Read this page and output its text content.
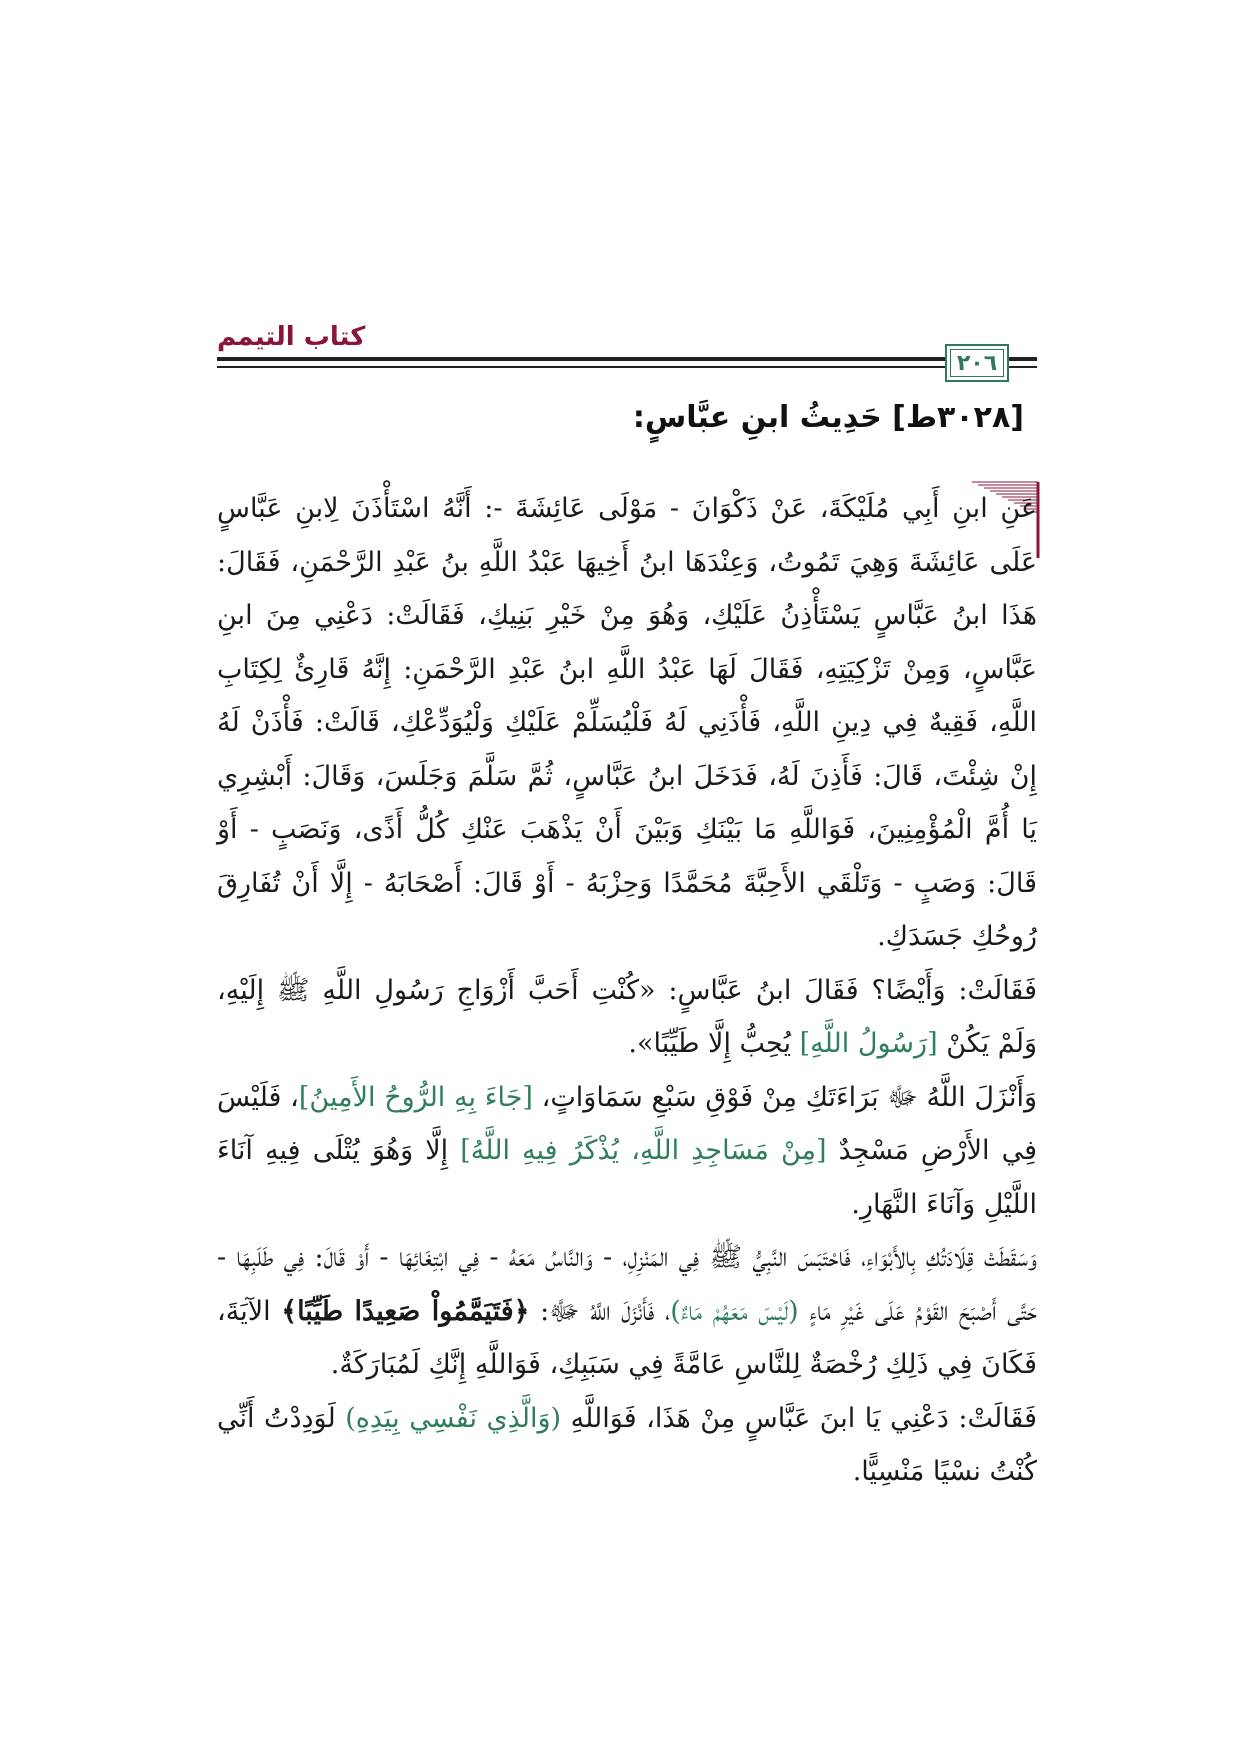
كتاب التيمم
٢٠٦
[٣٠٢٨ط] حَدِيثُ ابنِ عبَّاسٍ:

عَنِ ابنِ أَبِي مُلَيْكَةَ، عَنْ ذَكْوَانَ - مَوْلَى عَائِشَةَ -: أَنَّهُ اسْتَأْذَنَ لِابنِ عَبَّاسٍ عَلَى عَائِشَةَ وَهِيَ تَمُوتُ، وَعِنْدَهَا ابنُ أَخِيهَا عَبْدُ اللَّهِ بنُ عَبْدِ الرَّحْمَنِ، فَقَالَ: هَذَا ابنُ عَبَّاسٍ يَسْتَأْذِنُ عَلَيْكِ، وَهُوَ مِنْ خَيْرِ بَنِيكِ، فَقَالَتْ: دَعْنِي مِنَ ابنِ عَبَّاسٍ، وَمِنْ تَزْكِيَتِهِ، فَقَالَ لَهَا عَبْدُ اللَّهِ ابنُ عَبْدِ الرَّحْمَنِ: إِنَّهُ قَارِئٌ لِكِتَابِ اللَّهِ، فَقِيهٌ فِي دِينِ اللَّهِ، فَأْذَنِي لَهُ فَلْيُسَلِّمْ عَلَيْكِ وَلْيُوَدِّعْكِ، قَالَتْ: فَأْذَنْ لَهُ إِنْ شِئْتَ، قَالَ: فَأَذِنَ لَهُ، فَدَخَلَ ابنُ عَبَّاسٍ، ثُمَّ سَلَّمَ وَجَلَسَ، وَقَالَ: أَبْشِرِي يَا أُمَّ الْمُؤْمِنِينَ، فَوَاللَّهِ مَا بَيْنَكِ وَبَيْنَ أَنْ يَذْهَبَ عَنْكِ كُلُّ أَذًى، وَنَصَبٍ - أَوْ قَالَ: وَصَبٍ - وَتَلْقَي الأَحِبَّةَ مُحَمَّدًا وَحِزْبَهُ - أَوْ قَالَ: أَصْحَابَهُ - إِلَّا أَنْ تُفَارِقَ رُوحُكِ جَسَدَكِ.

فَقَالَتْ: وَأَيْضًا؟ فَقَالَ ابنُ عَبَّاسٍ: «كُنْتِ أَحَبَّ أَزْوَاجِ رَسُولِ اللَّهِ ﷺ إِلَيْهِ، وَلَمْ يَكُنْ [رَسُولُ اللَّهِ] يُحِبُّ إِلَّا طَيِّبًا».

وَأَنْزَلَ اللَّهُ ﷻ بَرَاءَتَكِ مِنْ فَوْقِ سَبْعِ سَمَاوَاتٍ، [جَاءَ بِهِ الرُّوحُ الأَمِينُ]، فَلَيْسَ فِي الأَرْضِ مَسْجِدٌ [مِنْ مَسَاجِدِ اللَّهِ، يُذْكَرُ فِيهِ اللَّهُ] إِلَّا وَهُوَ يُتْلَى فِيهِ آنَاءَ اللَّيْلِ وَآنَاءَ النَّهَارِ.

وَسَقَطَتْ قِلَادَتُكِ بِالأَبْوَاءِ، فَاحْتَبَسَ النَّبِيُّ ﷺ فِي المَنْزِلِ، - وَالنَّاسُ مَعَهُ - فِي ابْتِغَائِهَا - أَوْ قَالَ: فِي طَلَبِهَا - حَتَّى أَصْبَحَ القَوْمُ عَلَى غَيْرِ مَاءٍ (لَيْسَ مَعَهُمْ مَاءٌ)، فَأَنْزَلَ اللَّهُ ﷻ: ﴿فَتَيَمَّمُواْ صَعِيدًا طَيِّبًا﴾ الآيَةَ، فَكَانَ فِي ذَلِكِ رُخْصَةٌ لِلنَّاسِ عَامَّةً فِي سَبَبِكِ، فَوَاللَّهِ إِنَّكِ لَمُبَارَكَةٌ.

فَقَالَتْ: دَعْنِي يَا ابنَ عَبَّاسٍ مِنْ هَذَا، فَوَاللَّهِ (وَالَّذِي نَفْسِي بِيَدِهِ) لَوَدِدْتُ أَنِّي كُنْتُ نسْيًا مَنْسِيًّا.
